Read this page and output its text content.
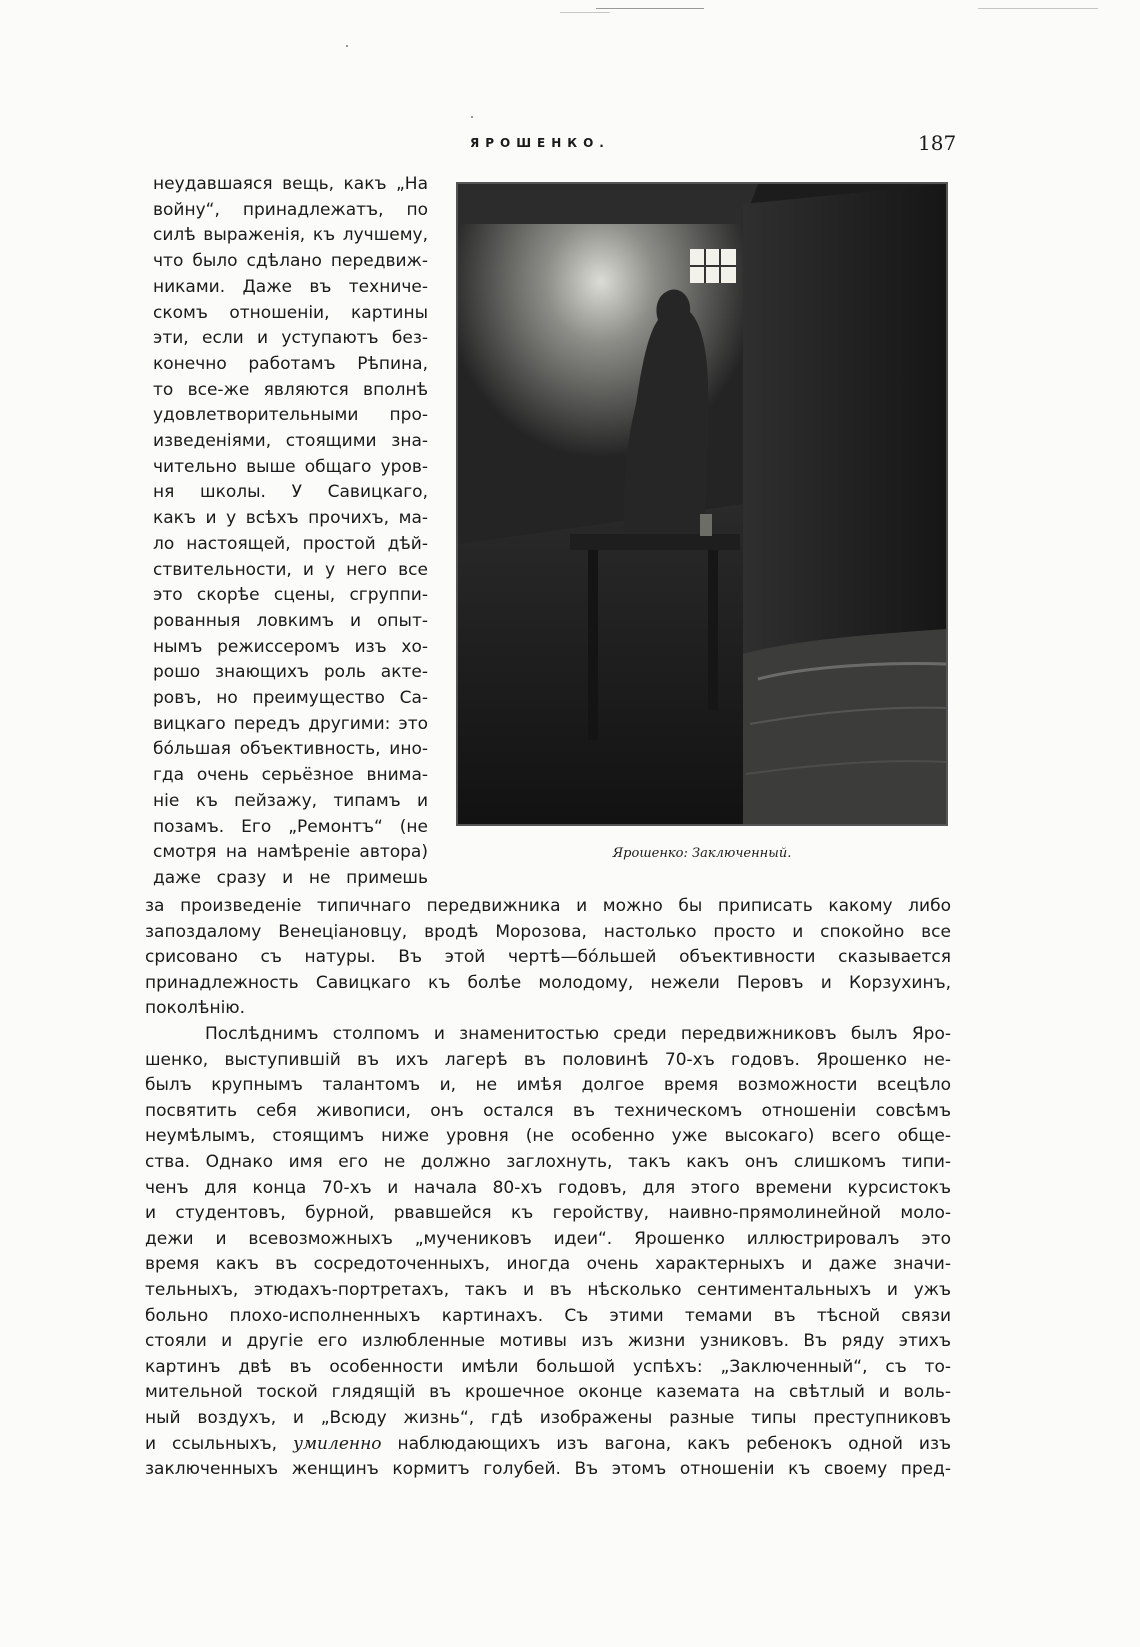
ЯРОШЕНКО.	187
неудавшаяся вещь, какъ „На
войну“, принадлежатъ, по
силѣ выраженія, къ лучшему,
что было сдѣлано передвиж-
никами. Даже въ техниче-
скомъ отношеніи, картины
эти, если и уступаютъ без-
конечно работамъ Рѣпина,
то все-же являются вполнѣ
удовлетворительными про-
изведеніями, стоящими зна-
чительно выше общаго уров-
ня школы. У Савицкаго,
какъ и у всѣхъ прочихъ, ма-
ло настоящей, простой дѣй-
ствительности, и у него все
это скорѣе сцены, сгруппи-
рованныя ловкимъ и опыт-
нымъ режиссеромъ изъ хо-
рошо знающихъ роль акте-
ровъ, но преимущество Са-
вицкаго передъ другими: это
бóльшая объективность, ино-
гда очень серьёзное внима-
ніе къ пейзажу, типамъ и
позамъ. Его „Ремонтъ“ (не
смотря на намѣреніе автора)
даже сразу и не примешь
Ярошенко: Заключенный.
за произведеніе типичнаго передвижника и можно бы приписать какому либо
запоздалому Венеціановцу, вродѣ Морозова, настолько просто и спокойно все
срисовано съ натуры. Въ этой чертѣ—бóльшей объективности сказывается
принадлежность Савицкаго къ болѣе молодому, нежели Перовъ и Корзухинъ,
поколѣнію.
Послѣднимъ столпомъ и знаменитостью среди передвижниковъ былъ Яро-
шенко, выступившій въ ихъ лагерѣ въ половинѣ 70-хъ годовъ. Ярошенко не-
былъ крупнымъ талантомъ и, не имѣя долгое время возможности всецѣло
посвятить себя живописи, онъ остался въ техническомъ отношеніи совсѣмъ
неумѣлымъ, стоящимъ ниже уровня (не особенно уже высокаго) всего обще-
ства. Однако имя его не должно заглохнуть, такъ какъ онъ слишкомъ типи-
ченъ для конца 70-хъ и начала 80-хъ годовъ, для этого времени курсистокъ
и студентовъ, бурной, рвавшейся къ геройству, наивно-прямолинейной моло-
дежи и всевозможныхъ „мучениковъ идеи“. Ярошенко иллюстрировалъ это
время какъ въ сосредоточенныхъ, иногда очень характерныхъ и даже значи-
тельныхъ, этюдахъ-портретахъ, такъ и въ нѣсколько сентиментальныхъ и ужъ
больно плохо-исполненныхъ картинахъ. Съ этими темами въ тѣсной связи
стояли и другіе его излюбленные мотивы изъ жизни узниковъ. Въ ряду этихъ
картинъ двѣ въ особенности имѣли большой успѣхъ: „Заключенный“, съ то-
мительной тоской глядящій въ крошечное оконце каземата на свѣтлый и воль-
ный воздухъ, и „Всюду жизнь“, гдѣ изображены разные типы преступниковъ
и ссыльныхъ, умиленно наблюдающихъ изъ вагона, какъ ребенокъ одной изъ
заключенныхъ женщинъ кормитъ голубей. Въ этомъ отношеніи къ своему пред-
